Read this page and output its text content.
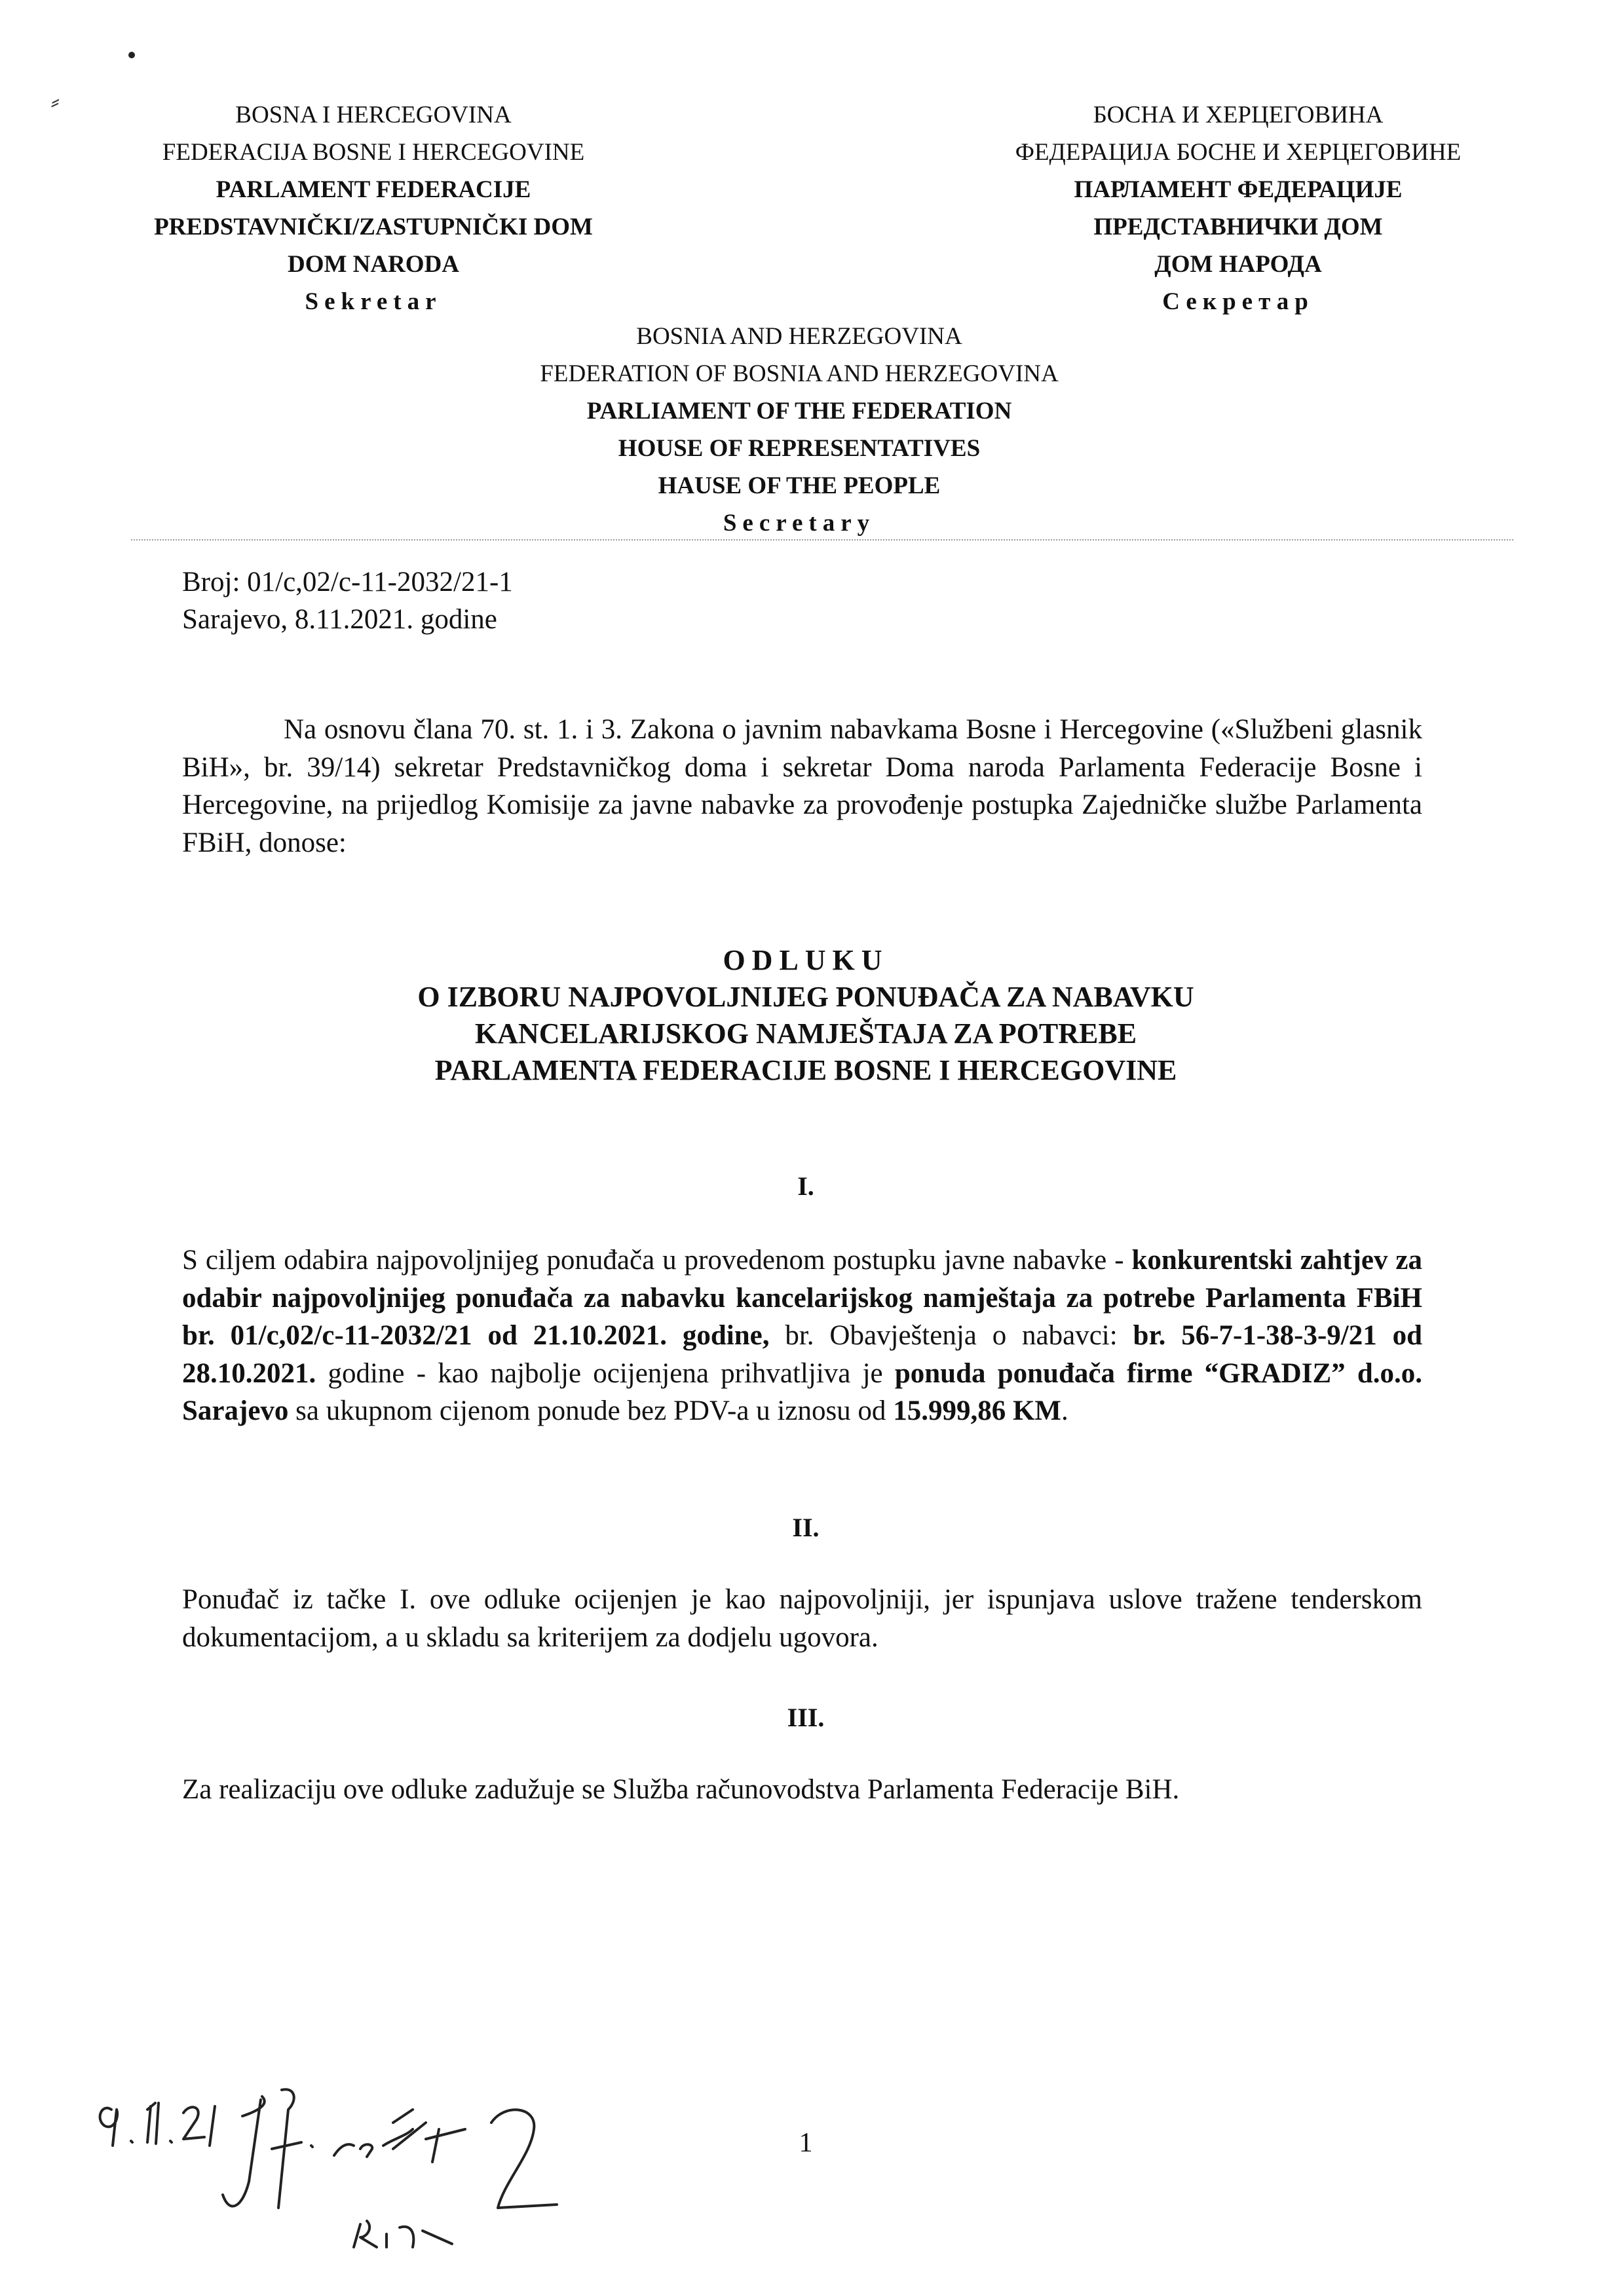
⸗	BOSNA I HERCEGOVINA
FEDERACIJA BOSNE I HERCEGOVINE
PARLAMENT FEDERACIJE
PREDSTAVNIČKI/ZASTUPNIČKI DOM
DOM NARODA
Sekretar
БОСНА И ХЕРЦЕГОВИНА
ФЕДЕРАЦИЈА БОСНЕ И ХЕРЦЕГОВИНЕ
ПАРЛАМЕНТ ФЕДЕРАЦИЈЕ
ПРЕДСТАВНИЧКИ ДОМ
ДОМ НАРОДА
Секретар
BOSNIA AND HERZEGOVINA
FEDERATION OF BOSNIA AND HERZEGOVINA
PARLIAMENT OF THE FEDERATION
HOUSE OF REPRESENTATIVES
HAUSE OF THE PEOPLE
Secretary
Broj: 01/c,02/c-11-2032/21-1
Sarajevo, 8.11.2021. godine
Na osnovu člana 70. st. 1. i 3. Zakona o javnim nabavkama Bosne i Hercegovine («Službeni glasnik BiH», br. 39/14) sekretar Predstavničkog doma i sekretar Doma naroda Parlamenta Federacije Bosne i Hercegovine, na prijedlog Komisije za javne nabavke za provođenje postupka Zajedničke službe Parlamenta FBiH, donose:
ODLUKU
O IZBORU NAJPOVOLJNIJEG PONUĐAČA ZA NABAVKU
KANCELARIJSKOG NAMJEŠTAJA ZA POTREBE
PARLAMENTA FEDERACIJE BOSNE I HERCEGOVINE
I.
S ciljem odabira najpovoljnijeg ponuđača u provedenom postupku javne nabavke - konkurentski zahtjev za odabir najpovoljnijeg ponuđača za nabavku kancelarijskog namještaja za potrebe Parlamenta FBiH br. 01/c,02/c-11-2032/21 od 21.10.2021. godine, br. Obavještenja o nabavci: br. 56-7-1-38-3-9/21 od 28.10.2021. godine - kao najbolje ocijenjena prihvatljiva je ponuda ponuđača firme “GRADIZ” d.o.o. Sarajevo sa ukupnom cijenom ponude bez PDV-a u iznosu od 15.999,86 KM.
II.
Ponuđač iz tačke I. ove odluke ocijenjen je kao najpovoljniji, jer ispunjava uslove tražene tenderskom dokumentacijom, a u skladu sa kriterijem za dodjelu ugovora.
III.
Za realizaciju ove odluke zadužuje se Služba računovodstva Parlamenta Federacije BiH.
1
